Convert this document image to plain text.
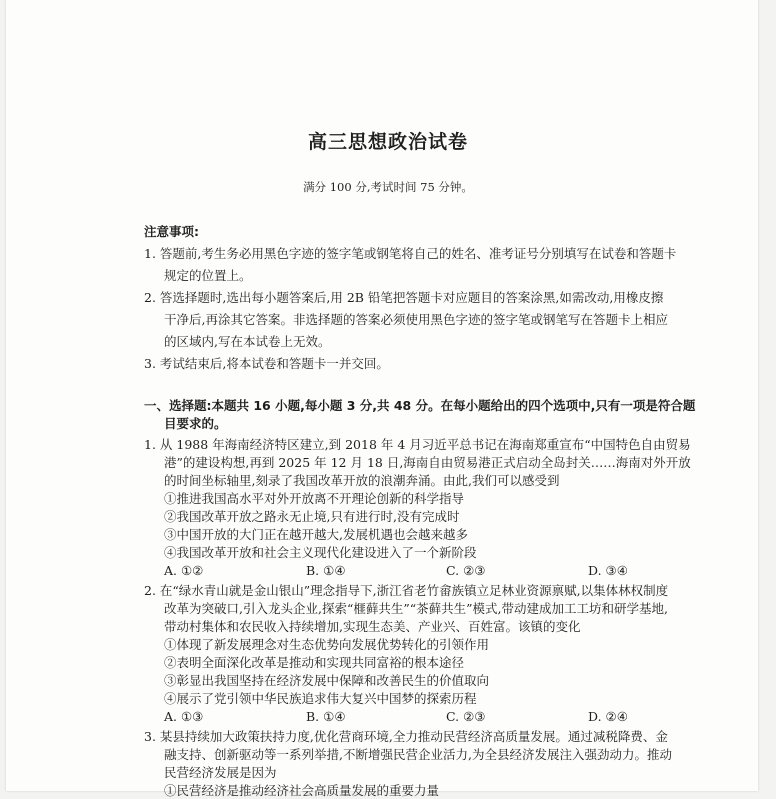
高三思想政治试卷
满分 100 分,考试时间 75 分钟。
注意事项:
1. 答题前,考生务必用黑色字迹的签字笔或钢笔将自己的姓名、准考证号分别填写在试卷和答题卡
规定的位置上。
2. 答选择题时,选出每小题答案后,用 2B 铅笔把答题卡对应题目的答案涂黑,如需改动,用橡皮擦
干净后,再涂其它答案。非选择题的答案必须使用黑色字迹的签字笔或钢笔写在答题卡上相应
的区域内,写在本试卷上无效。
3. 考试结束后,将本试卷和答题卡一并交回。
一、选择题:本题共 16 小题,每小题 3 分,共 48 分。在每小题给出的四个选项中,只有一项是符合题
目要求的。
1. 从 1988 年海南经济特区建立,到 2018 年 4 月习近平总书记在海南郑重宣布“中国特色自由贸易
港”的建设构想,再到 2025 年 12 月 18 日,海南自由贸易港正式启动全岛封关……海南对外开放
的时间坐标轴里,刻录了我国改革开放的浪潮奔涌。由此,我们可以感受到
①推进我国高水平对外开放离不开理论创新的科学指导
②我国改革开放之路永无止境,只有进行时,没有完成时
③中国开放的大门正在越开越大,发展机遇也会越来越多
④我国改革开放和社会主义现代化建设进入了一个新阶段
A. ①②	B. ①④	C. ②③	D. ③④
2. 在“绿水青山就是金山银山”理念指导下,浙江省老竹畲族镇立足林业资源禀赋,以集体林权制度
改革为突破口,引入龙头企业,探索“榧藓共生”“茶藓共生”模式,带动建成加工工坊和研学基地,
带动村集体和农民收入持续增加,实现生态美、产业兴、百姓富。该镇的变化
①体现了新发展理念对生态优势向发展优势转化的引领作用
②表明全面深化改革是推动和实现共同富裕的根本途径
③彰显出我国坚持在经济发展中保障和改善民生的价值取向
④展示了党引领中华民族追求伟大复兴中国梦的探索历程
A. ①③	B. ①④	C. ②③	D. ②④
3. 某县持续加大政策扶持力度,优化营商环境,全力推动民营经济高质量发展。通过减税降费、金
融支持、创新驱动等一系列举措,不断增强民营企业活力,为全县经济发展注入强劲动力。推动
民营经济发展是因为
①民营经济是推动经济社会高质量发展的重要力量
